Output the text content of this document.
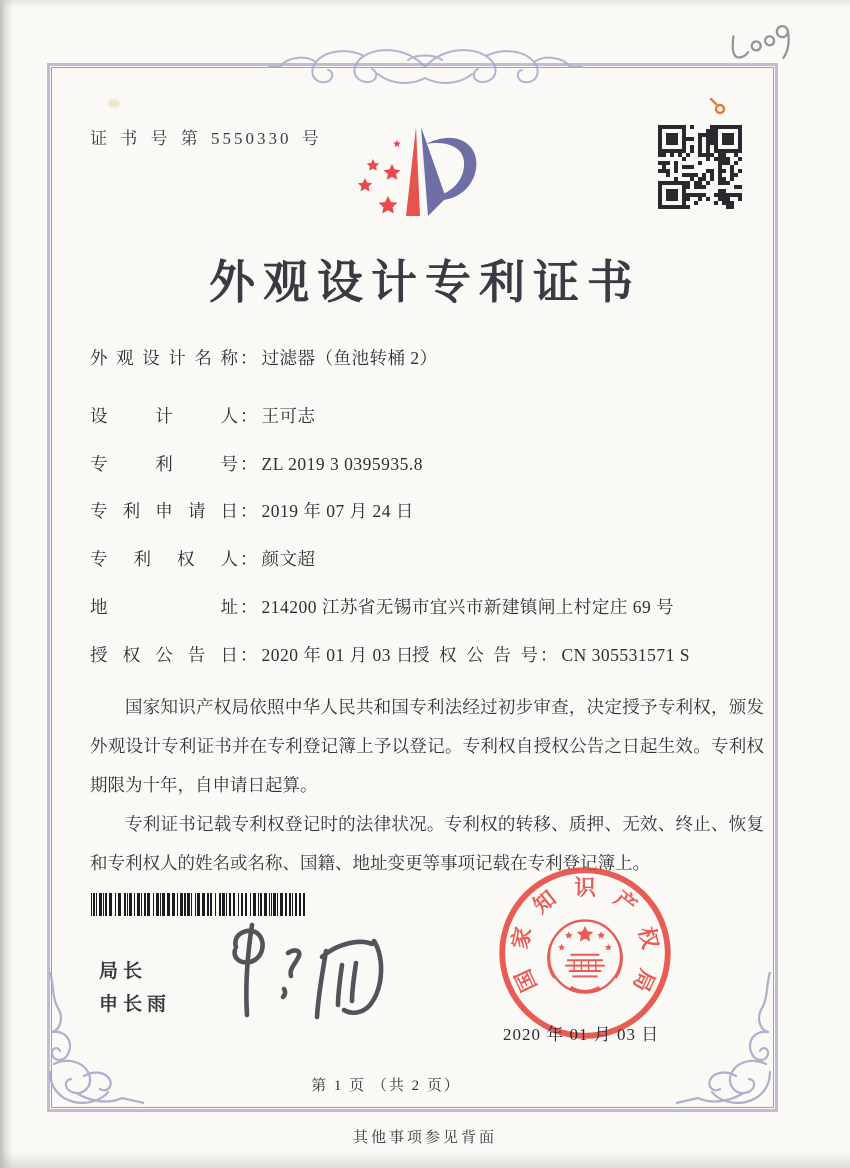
证 书 号 第 5550330 号
外观设计专利证书
外观设计名称 ： 过滤器（鱼池转桶 2）
设计人 ： 王可志
专利号 ： ZL 2019 3 0395935.8
专利申请日 ： 2019 年 07 月 24 日
专利权人 ： 颜文超
地址 ： 214200 江苏省无锡市宜兴市新建镇闸上村定庄 69 号
授权公告日 ： 2020 年 01 月 03 日
授权公告号 ： CN 305531571 S

国家知识产权局依照中华人民共和国专利法经过初步审查，决定授予专利权，颁发外观设计专利证书并在专利登记簿上予以登记。专利权自授权公告之日起生效。专利权期限为十年，自申请日起算。

专利证书记载专利权登记时的法律状况。专利权的转移、质押、无效、终止、恢复和专利权人的姓名或名称、国籍、地址变更等事项记载在专利登记簿上。

局长
申长雨
国
家
知 识 产
权
局
2020 年 01 月 03 日
第 1 页 （共 2 页）
其他事项参见背面
